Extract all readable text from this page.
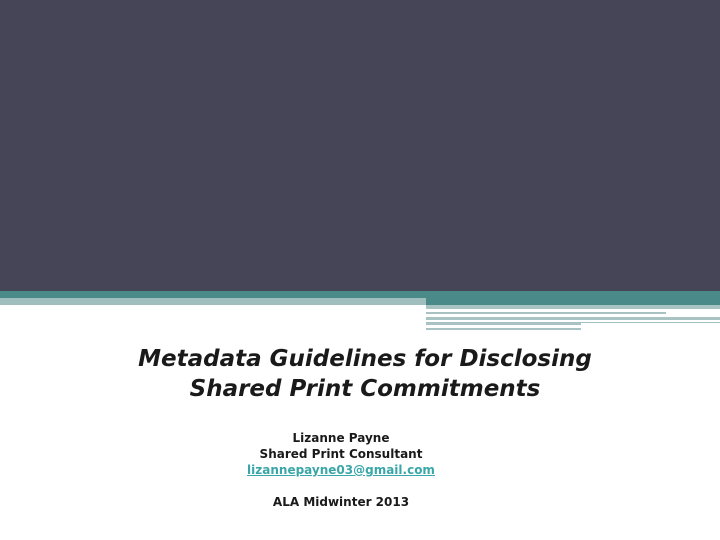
Metadata Guidelines for Disclosing
Shared Print Commitments
Lizanne Payne
Shared Print Consultant
lizannepayne03@gmail.com
ALA Midwinter 2013
